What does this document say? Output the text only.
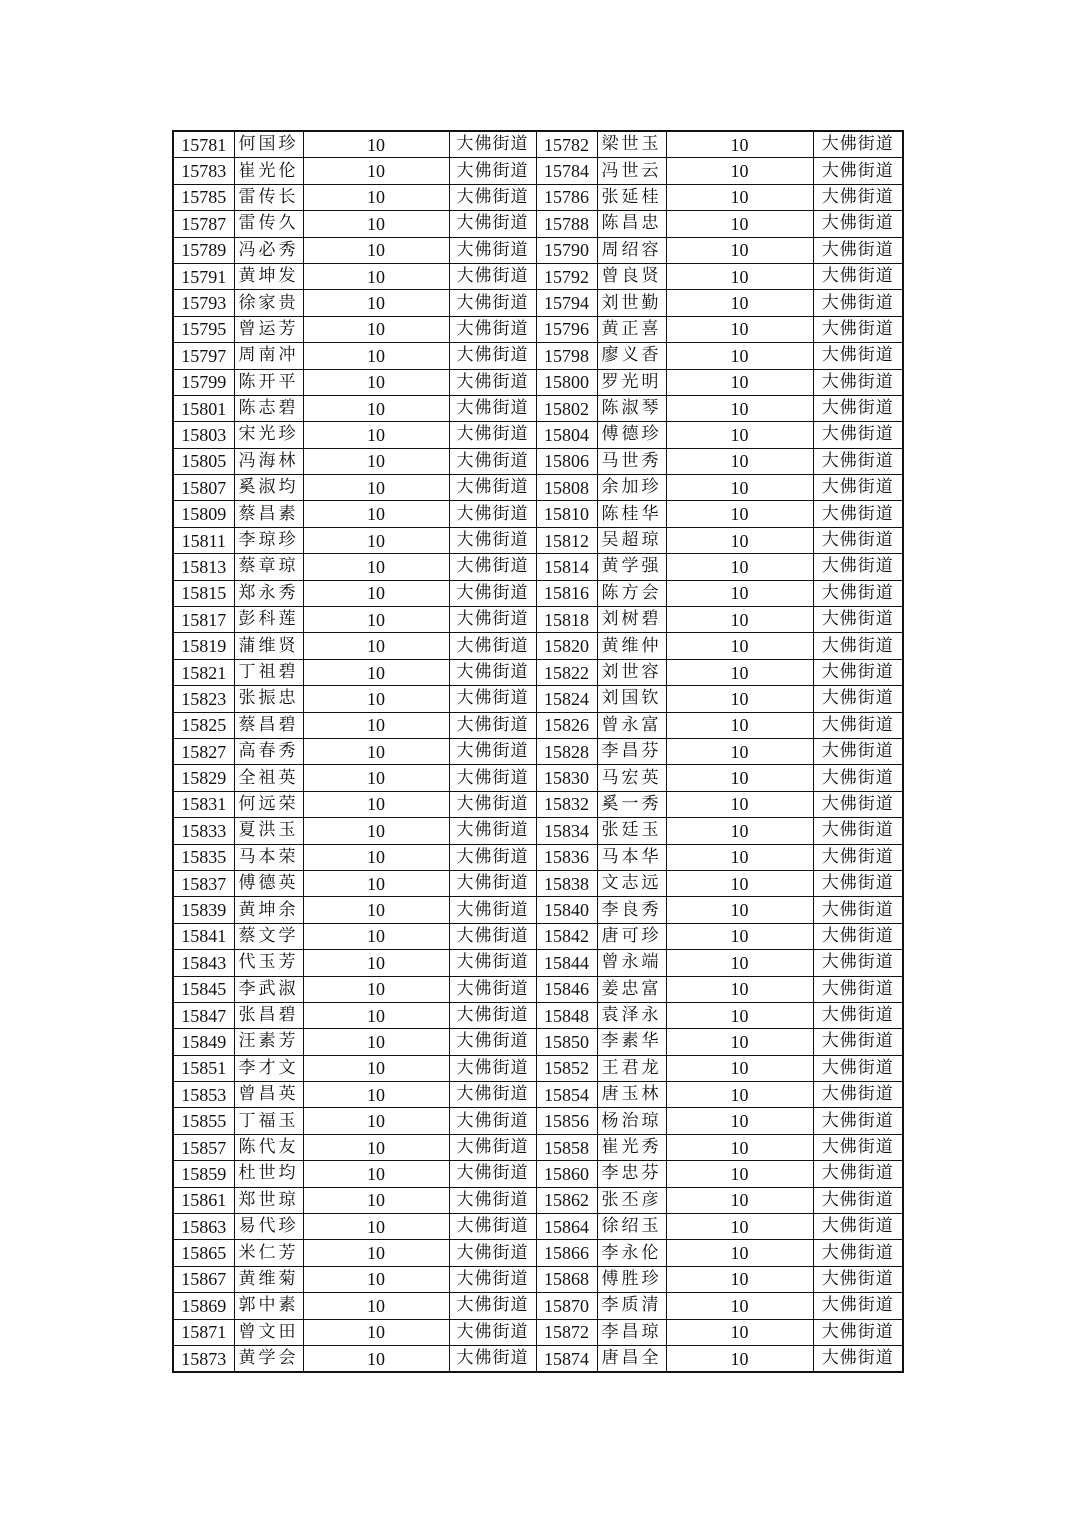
15781	何国珍	10	大佛街道	15782	梁世玉	10	大佛街道
15783	崔光伦	10	大佛街道	15784	冯世云	10	大佛街道
15785	雷传长	10	大佛街道	15786	张延桂	10	大佛街道
15787	雷传久	10	大佛街道	15788	陈昌忠	10	大佛街道
15789	冯必秀	10	大佛街道	15790	周绍容	10	大佛街道
15791	黄坤发	10	大佛街道	15792	曾良贤	10	大佛街道
15793	徐家贵	10	大佛街道	15794	刘世勤	10	大佛街道
15795	曾运芳	10	大佛街道	15796	黄正喜	10	大佛街道
15797	周南冲	10	大佛街道	15798	廖义香	10	大佛街道
15799	陈开平	10	大佛街道	15800	罗光明	10	大佛街道
15801	陈志碧	10	大佛街道	15802	陈淑琴	10	大佛街道
15803	宋光珍	10	大佛街道	15804	傅德珍	10	大佛街道
15805	冯海林	10	大佛街道	15806	马世秀	10	大佛街道
15807	奚淑均	10	大佛街道	15808	余加珍	10	大佛街道
15809	蔡昌素	10	大佛街道	15810	陈桂华	10	大佛街道
15811	李琼珍	10	大佛街道	15812	吴超琼	10	大佛街道
15813	蔡章琼	10	大佛街道	15814	黄学强	10	大佛街道
15815	郑永秀	10	大佛街道	15816	陈方会	10	大佛街道
15817	彭科莲	10	大佛街道	15818	刘树碧	10	大佛街道
15819	蒲维贤	10	大佛街道	15820	黄维仲	10	大佛街道
15821	丁祖碧	10	大佛街道	15822	刘世容	10	大佛街道
15823	张振忠	10	大佛街道	15824	刘国钦	10	大佛街道
15825	蔡昌碧	10	大佛街道	15826	曾永富	10	大佛街道
15827	高春秀	10	大佛街道	15828	李昌芬	10	大佛街道
15829	全祖英	10	大佛街道	15830	马宏英	10	大佛街道
15831	何远荣	10	大佛街道	15832	奚一秀	10	大佛街道
15833	夏洪玉	10	大佛街道	15834	张廷玉	10	大佛街道
15835	马本荣	10	大佛街道	15836	马本华	10	大佛街道
15837	傅德英	10	大佛街道	15838	文志远	10	大佛街道
15839	黄坤余	10	大佛街道	15840	李良秀	10	大佛街道
15841	蔡文学	10	大佛街道	15842	唐可珍	10	大佛街道
15843	代玉芳	10	大佛街道	15844	曾永端	10	大佛街道
15845	李武淑	10	大佛街道	15846	姜忠富	10	大佛街道
15847	张昌碧	10	大佛街道	15848	袁泽永	10	大佛街道
15849	汪素芳	10	大佛街道	15850	李素华	10	大佛街道
15851	李才文	10	大佛街道	15852	王君龙	10	大佛街道
15853	曾昌英	10	大佛街道	15854	唐玉林	10	大佛街道
15855	丁福玉	10	大佛街道	15856	杨治琼	10	大佛街道
15857	陈代友	10	大佛街道	15858	崔光秀	10	大佛街道
15859	杜世均	10	大佛街道	15860	李忠芬	10	大佛街道
15861	郑世琼	10	大佛街道	15862	张丕彦	10	大佛街道
15863	易代珍	10	大佛街道	15864	徐绍玉	10	大佛街道
15865	米仁芳	10	大佛街道	15866	李永伦	10	大佛街道
15867	黄维菊	10	大佛街道	15868	傅胜珍	10	大佛街道
15869	郭中素	10	大佛街道	15870	李质清	10	大佛街道
15871	曾文田	10	大佛街道	15872	李昌琼	10	大佛街道
15873	黄学会	10	大佛街道	15874	唐昌全	10	大佛街道
